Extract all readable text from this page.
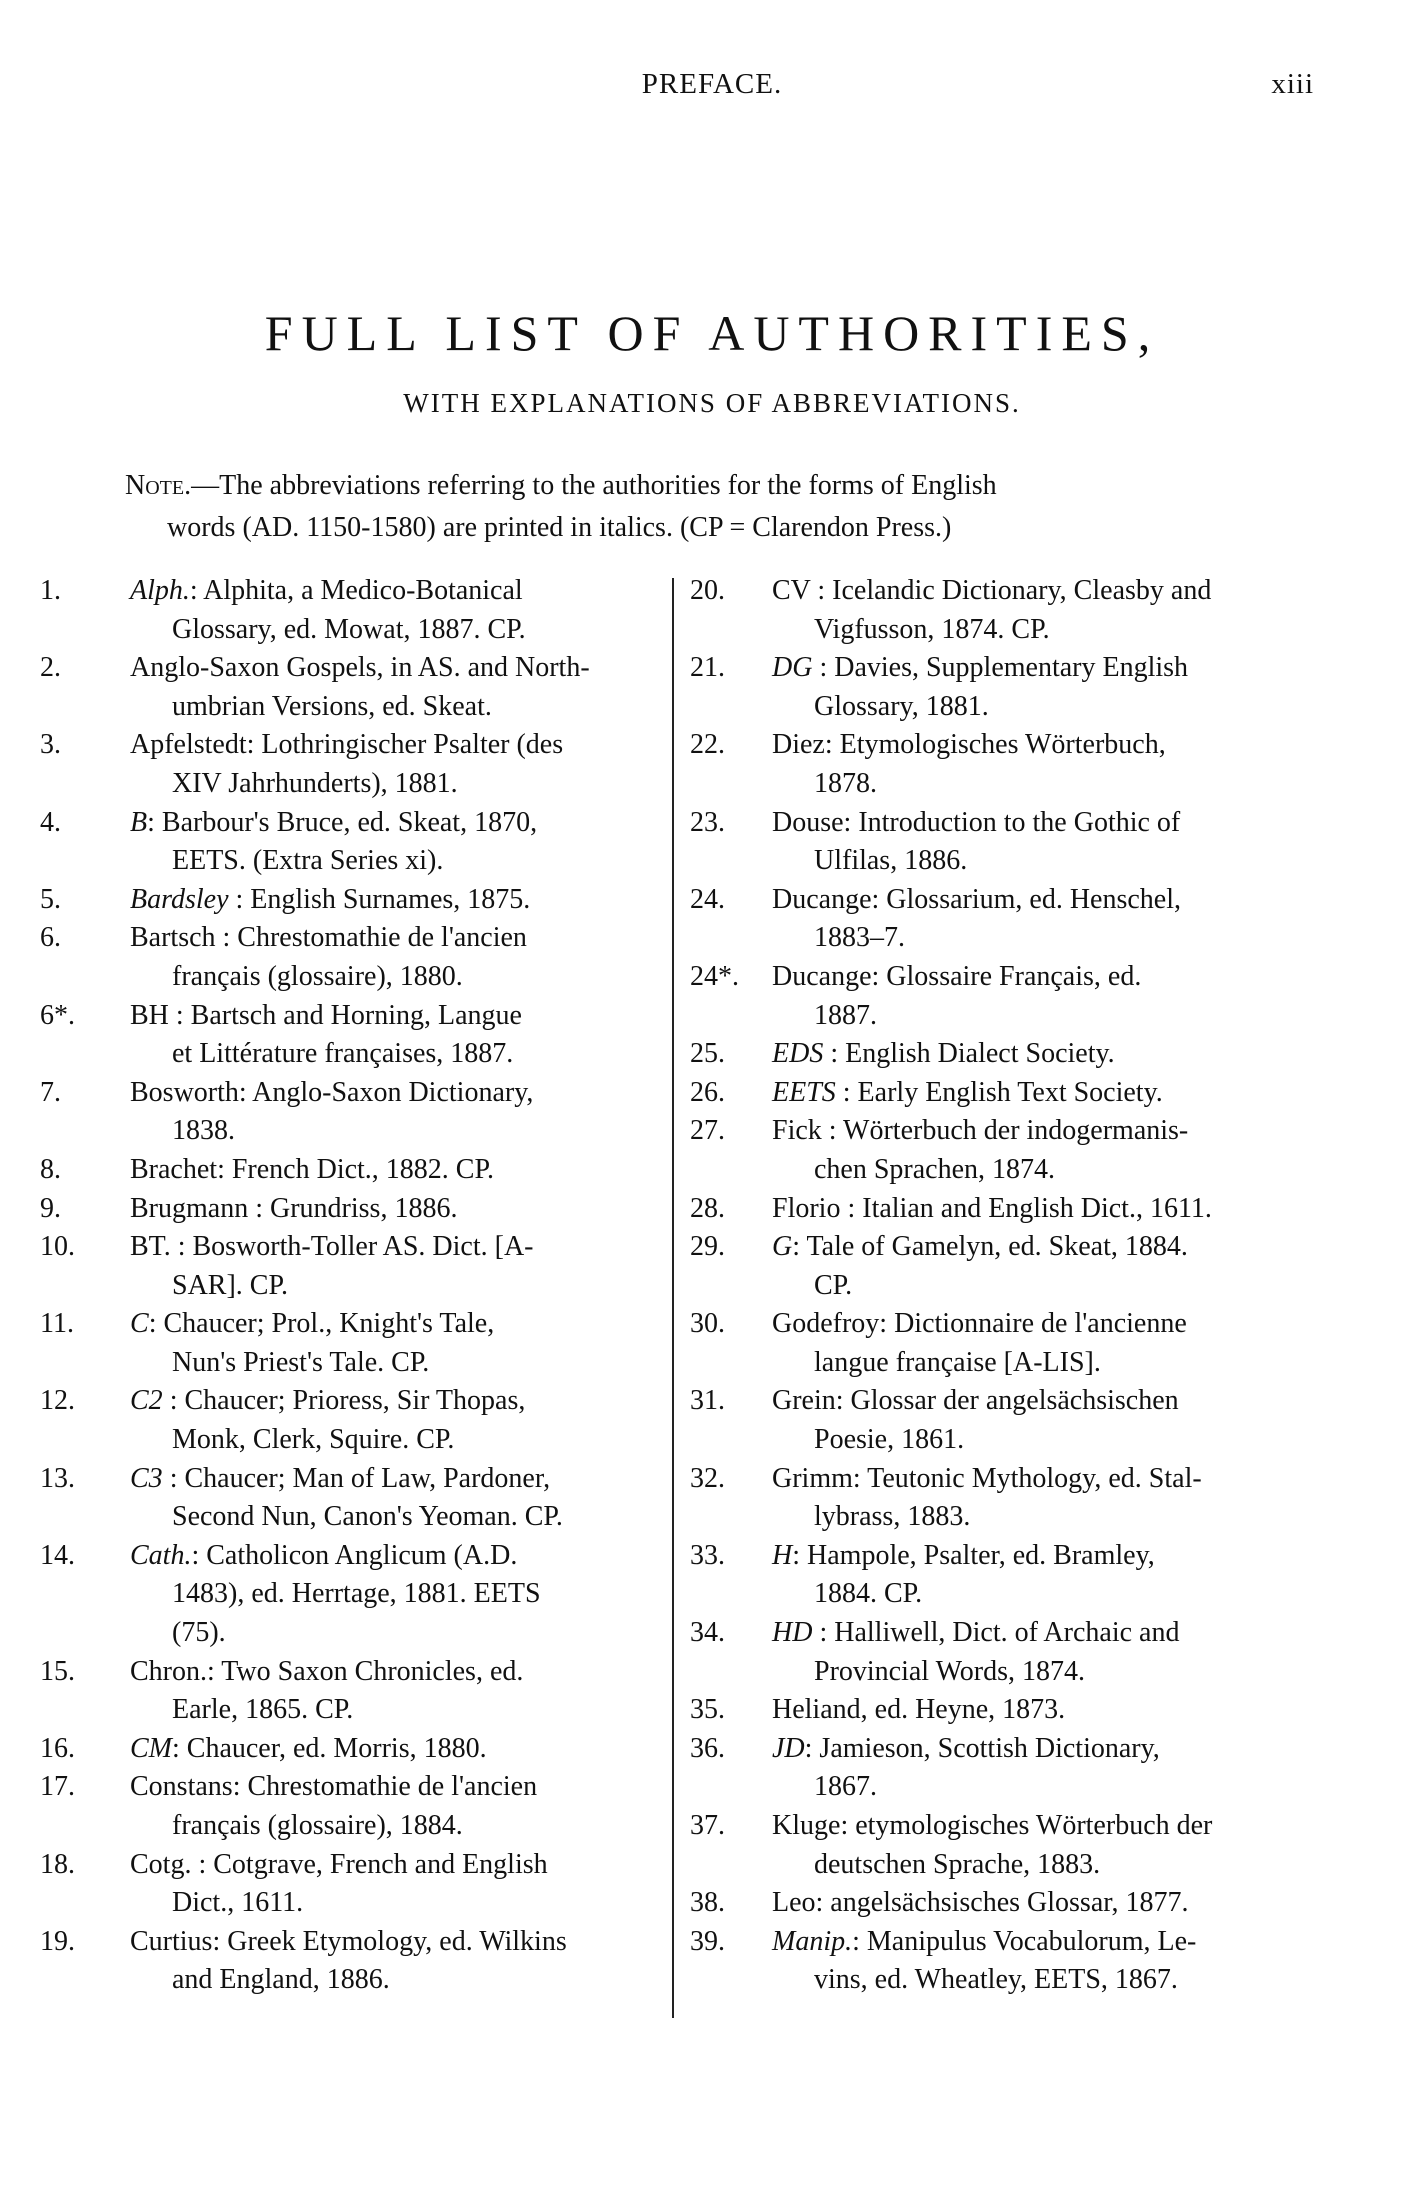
PREFACE.	xiii
FULL LIST OF AUTHORITIES,
WITH EXPLANATIONS OF ABBREVIATIONS.
Note.—The abbreviations referring to the authorities for the forms of English
words (AD. 1150-1580) are printed in italics. (CP = Clarendon Press.)
1.	Alph.: Alphita, a Medico-Botanical
Glossary, ed. Mowat, 1887. CP.
2.	Anglo-Saxon Gospels, in AS. and North-
umbrian Versions, ed. Skeat.
3.	Apfelstedt: Lothringischer Psalter (des
XIV Jahrhunderts), 1881.
4.	B: Barbour's Bruce, ed. Skeat, 1870,
EETS. (Extra Series xi).
5.	Bardsley : English Surnames, 1875.
6.	Bartsch : Chrestomathie de l'ancien
français (glossaire), 1880.
6*.	BH : Bartsch and Horning, Langue
et Littérature françaises, 1887.
7.	Bosworth: Anglo-Saxon Dictionary,
1838.
8.	Brachet: French Dict., 1882. CP.
9.	Brugmann : Grundriss, 1886.
10.	BT. : Bosworth-Toller AS. Dict. [A-
SAR]. CP.
11.	C: Chaucer; Prol., Knight's Tale,
Nun's Priest's Tale. CP.
12.	C2 : Chaucer; Prioress, Sir Thopas,
Monk, Clerk, Squire. CP.
13.	C3 : Chaucer; Man of Law, Pardoner,
Second Nun, Canon's Yeoman. CP.
14.	Cath.: Catholicon Anglicum (A.D.
1483), ed. Herrtage, 1881. EETS
(75).
15.	Chron.: Two Saxon Chronicles, ed.
Earle, 1865. CP.
16.	CM: Chaucer, ed. Morris, 1880.
17.	Constans: Chrestomathie de l'ancien
français (glossaire), 1884.
18.	Cotg. : Cotgrave, French and English
Dict., 1611.
19.	Curtius: Greek Etymology, ed. Wilkins
and England, 1886.
20.	CV : Icelandic Dictionary, Cleasby and
Vigfusson, 1874. CP.
21.	DG : Davies, Supplementary English
Glossary, 1881.
22.	Diez: Etymologisches Wörterbuch,
1878.
23.	Douse: Introduction to the Gothic of
Ulfilas, 1886.
24.	Ducange: Glossarium, ed. Henschel,
1883–7.
24*.	Ducange: Glossaire Français, ed.
1887.
25.	EDS : English Dialect Society.
26.	EETS : Early English Text Society.
27.	Fick : Wörterbuch der indogermanis-
chen Sprachen, 1874.
28.	Florio : Italian and English Dict., 1611.
29.	G: Tale of Gamelyn, ed. Skeat, 1884.
CP.
30.	Godefroy: Dictionnaire de l'ancienne
langue française [A-LIS].
31.	Grein: Glossar der angelsächsischen
Poesie, 1861.
32.	Grimm: Teutonic Mythology, ed. Stal-
lybrass, 1883.
33.	H: Hampole, Psalter, ed. Bramley,
1884. CP.
34.	HD : Halliwell, Dict. of Archaic and
Provincial Words, 1874.
35.	Heliand, ed. Heyne, 1873.
36.	JD: Jamieson, Scottish Dictionary,
1867.
37.	Kluge: etymologisches Wörterbuch der
deutschen Sprache, 1883.
38.	Leo: angelsächsisches Glossar, 1877.
39.	Manip.: Manipulus Vocabulorum, Le-
vins, ed. Wheatley, EETS, 1867.
